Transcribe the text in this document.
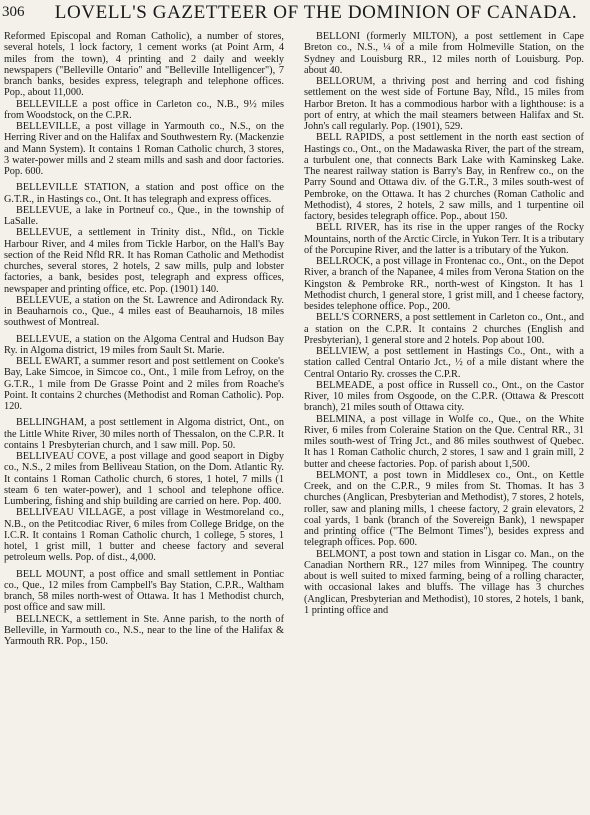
306	LOVELL'S GAZETTEER OF THE DOMINION OF CANADA.

Reformed Episcopal and Roman Catholic), a number of stores, several hotels, 1 lock factory, 1 cement works (at Point Arm, 4 miles from the town), 4 printing and 2 daily and weekly newspapers ("Belleville Ontario" and "Belleville Intelligencer"), 7 branch banks, besides express, telegraph and telephone offices. Pop., about 11,000.

BELLEVILLE a post office in Carleton co., N.B., 9½ miles from Woodstock, on the C.P.R.

BELLEVILLE, a post village in Yarmouth co., N.S., on the Herring River and on the Halifax and Southwestern Ry. (Mackenzie and Mann System). It contains 1 Roman Catholic church, 3 stores, 3 water-power mills and 2 steam mills and sash and door factories. Pop. 600.

BELLEVILLE STATION, a station and post office on the G.T.R., in Hastings co., Ont. It has telegraph and express offices.

BELLEVUE, a lake in Portneuf co., Que., in the township of LaSalle.

BELLEVUE, a settlement in Trinity dist., Nfld., on Tickle Harbour River, and 4 miles from Tickle Harbor, on the Hall's Bay section of the Reid Nfld RR. It has Roman Catholic and Methodist churches, several stores, 2 hotels, 2 saw mills, pulp and lobster factories, a bank, besides post, telegraph and express offices, newspaper and printing office, etc. Pop. (1901) 140.

BELLEVUE, a station on the St. Lawrence and Adirondack Ry. in Beauharnois co., Que., 4 miles east of Beauharnois, 18 miles southwest of Montreal.

BELLEVUE, a station on the Algoma Central and Hudson Bay Ry. in Algoma district, 19 miles from Sault St. Marie.

BELL EWART, a summer resort and post settlement on Cooke's Bay, Lake Simcoe, in Simcoe co., Ont., 1 mile from Lefroy, on the G.T.R., 1 mile from De Grasse Point and 2 miles from Roache's Point. It contains 2 churches (Methodist and Roman Catholic). Pop. 120.

BELLINGHAM, a post settlement in Algoma district, Ont., on the Little White River, 30 miles north of Thessalon, on the C.P.R. It contains 1 Presbyterian church, and 1 saw mill. Pop. 50.

BELLIVEAU COVE, a post village and good seaport in Digby co., N.S., 2 miles from Belliveau Station, on the Dom. Atlantic Ry. It contains 1 Roman Catholic church, 6 stores, 1 hotel, 7 mills (1 steam 6 ten water-power), and 1 school and telephone office. Lumbering, fishing and ship building are carried on here. Pop. 400.

BELLIVEAU VILLAGE, a post village in Westmoreland co., N.B., on the Petitcodiac River, 6 miles from College Bridge, on the I.C.R. It contains 1 Roman Catholic church, 1 college, 5 stores, 1 hotel, 1 grist mill, 1 butter and cheese factory and several petroleum wells. Pop. of dist., 4,000.

BELL MOUNT, a post office and small settlement in Pontiac co., Que., 12 miles from Campbell's Bay Station, C.P.R., Waltham branch, 58 miles north-west of Ottawa. It has 1 Methodist church, post office and saw mill.

BELLNECK, a settlement in Ste. Anne parish, to the north of Belleville, in Yarmouth co., N.S., near to the line of the Halifax & Yarmouth RR. Pop., 150.

BELLONI (formerly MILTON), a post settlement in Cape Breton co., N.S., ¼ of a mile from Holmeville Station, on the Sydney and Louisburg RR., 12 miles north of Louisburg. Pop. about 40.

BELLORUM, a thriving post and herring and cod fishing settlement on the west side of Fortune Bay, Nfld., 15 miles from Harbor Breton. It has a commodious harbor with a lighthouse: is a port of entry, at which the mail steamers between Halifax and St. John's call regularly. Pop. (1901), 529.

BELL RAPIDS, a post settlement in the north east section of Hastings co., Ont., on the Madawaska River, the part of the stream, a turbulent one, that connects Bark Lake with Kaminskeg Lake. The nearest railway station is Barry's Bay, in Renfrew co., on the Parry Sound and Ottawa div. of the G.T.R., 3 miles south-west of Pembroke, on the Ottawa. It has 2 churches (Roman Catholic and Methodist), 4 stores, 2 hotels, 2 saw mills, and 1 turpentine oil factory, besides telegraph office. Pop., about 150.

BELL RIVER, has its rise in the upper ranges of the Rocky Mountains, north of the Arctic Circle, in Yukon Terr. It is a tributary of the Porcupine River, and the latter is a tributary of the Yukon.

BELLROCK, a post village in Frontenac co., Ont., on the Depot River, a branch of the Napanee, 4 miles from Verona Station on the Kingston & Pembroke RR., north-west of Kingston. It has 1 Methodist church, 1 general store, 1 grist mill, and 1 cheese factory, besides telephone office. Pop., 200.

BELL'S CORNERS, a post settlement in Carleton co., Ont., and a station on the C.P.R. It contains 2 churches (English and Presbyterian), 1 general store and 2 hotels. Pop about 100.

BELLVIEW, a post settlement in Hastings Co., Ont., with a station called Central Ontario Jct., ½ of a mile distant where the Central Ontario Ry. crosses the C.P.R.

BELMEADE, a post office in Russell co., Ont., on the Castor River, 10 miles from Osgoode, on the C.P.R. (Ottawa & Prescott branch), 21 miles south of Ottawa city.

BELMINA, a post village in Wolfe co., Que., on the White River, 6 miles from Coleraine Station on the Que. Central RR., 31 miles south-west of Tring Jct., and 86 miles southwest of Quebec. It has 1 Roman Catholic church, 2 stores, 1 saw and 1 grain mill, 2 butter and cheese factories. Pop. of parish about 1,500.

BELMONT, a post town in Middlesex co., Ont., on Kettle Creek, and on the C.P.R., 9 miles from St. Thomas. It has 3 churches (Anglican, Presbyterian and Methodist), 7 stores, 2 hotels, roller, saw and planing mills, 1 cheese factory, 2 grain elevators, 2 coal yards, 1 bank (branch of the Sovereign Bank), 1 newspaper and printing office ("The Belmont Times"), besides express and telegraph offices. Pop. 600.

BELMONT, a post town and station in Lisgar co. Man., on the Canadian Northern RR., 127 miles from Winnipeg. The country about is well suited to mixed farming, being of a rolling character, with occasional lakes and bluffs. The village has 3 churches (Anglican, Presbyterian and Methodist), 10 stores, 2 hotels, 1 bank, 1 printing office and
